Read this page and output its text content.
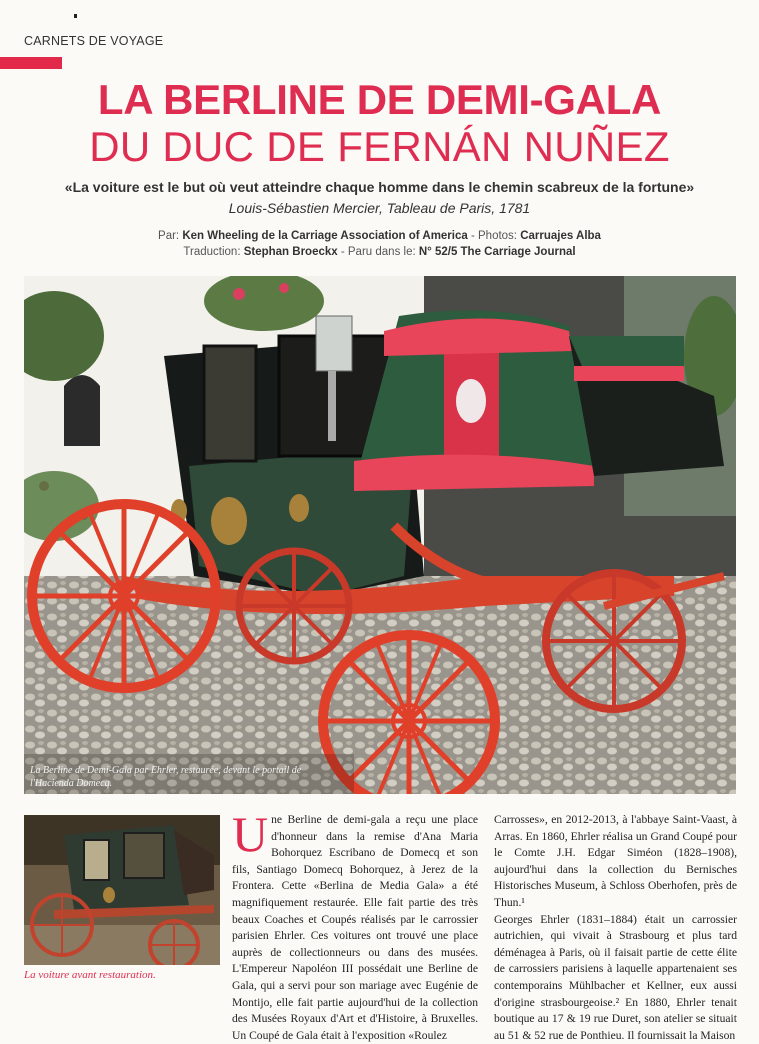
CARNETS DE VOYAGE
LA BERLINE DE DEMI-GALA
DU DUC DE FERNÁN NUÑEZ
«La voiture est le but où veut atteindre chaque homme dans le chemin scabreux de la fortune»
Louis-Sébastien Mercier, Tableau de Paris, 1781
Par: Ken Wheeling de la Carriage Association of America - Photos: Carruajes Alba
Traduction: Stephan Broeckx - Paru dans le: N° 52/5 The Carriage Journal
La Berline de Demi-Gala par Ehrler, restaurée, devant le portail de l'Hacienda Domecq.
La voiture avant restauration.
U ne Berline de demi-gala a reçu une place d'honneur dans la remise d'Ana Maria Bohorquez Escribano de Domecq et son fils, Santiago Domecq Bohorquez, à Jerez de la Frontera. Cette «Berlina de Media Gala» a été magnifiquement restaurée. Elle fait partie des très beaux Coaches et Coupés réalisés par le carrossier parisien Ehrler. Ces voitures ont trouvé une place auprès de collectionneurs ou dans des musées. L'Empereur Napoléon III possédait une Berline de Gala, qui a servi pour son mariage avec Eugénie de Montijo, elle fait partie aujourd'hui de la collection des Musées Royaux d'Art et d'Histoire, à Bruxelles. Un Coupé de Gala était à l'exposition «Roulez

Carrosses», en 2012-2013, à l'abbaye Saint-Vaast, à Arras. En 1860, Ehrler réalisa un Grand Coupé pour le Comte J.H. Edgar Siméon (1828–1908), aujourd'hui dans la collection du Bernisches Historisches Museum, à Schloss Oberhofen, près de Thun.¹

Georges Ehrler (1831–1884) était un carrossier autrichien, qui vivait à Strasbourg et plus tard déménagea à Paris, où il faisait partie de cette élite de carrossiers parisiens à laquelle appartenaient ses contemporains Mühlbacher et Kellner, eux aussi d'origine strasbourgeoise.² En 1880, Ehrler tenait boutique au 17 & 19 rue Duret, son atelier se situait au 51 & 52 rue de Ponthieu. Il fournissait la Maison
